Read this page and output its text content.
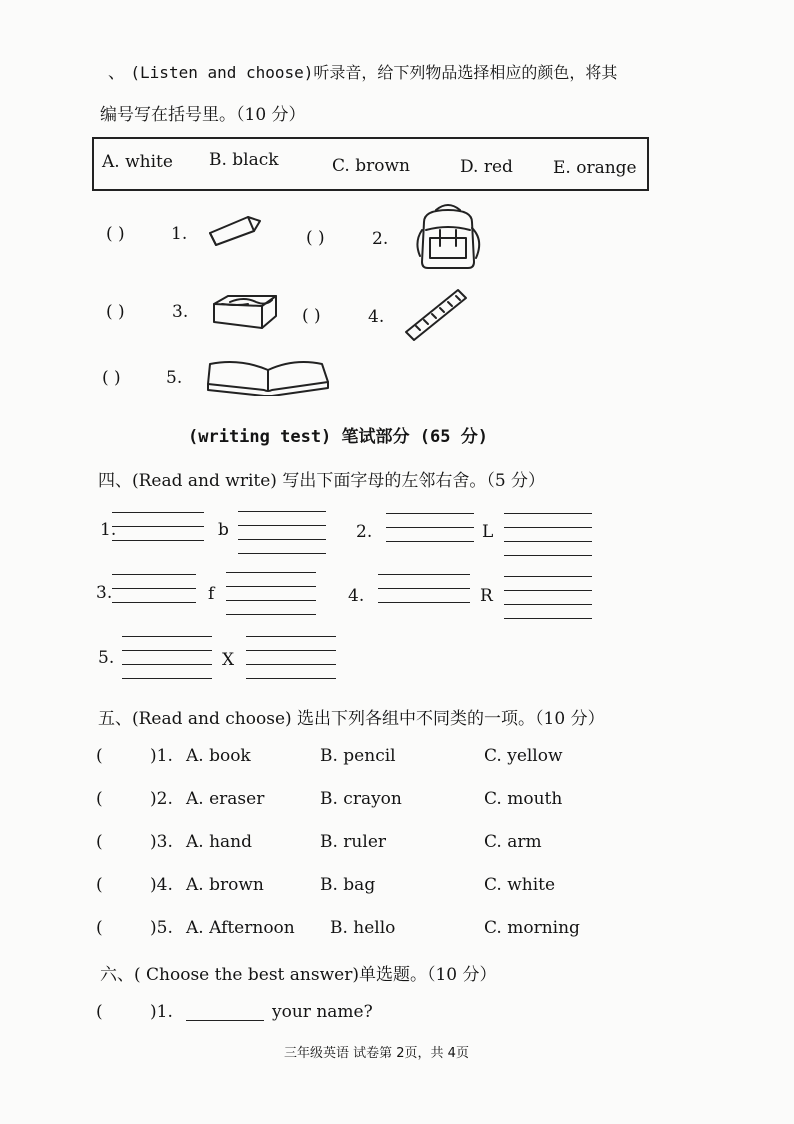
、 (Listen and choose)听录音，给下列物品选择相应的颜色，将其
编号写在括号里。（10 分）
A. white B. black	C. brown	D. red E. orange
( )	1.	( )	2.
( )	3.	( )	4.
( )	5.
(writing test) 笔试部分 (65 分)
四、(Read and write) 写出下面字母的左邻右舍。（5 分）
1.	b	2.	L
3.	f	4.	R
5.	X
五、(Read and choose) 选出下列各组中不同类的一项。（10 分）
(	)1. A. book	B. pencil	C. yellow
(	)2. A. eraser	B. crayon	C. mouth
(	)3. A. hand	B. ruler	C. arm
(	)4. A. brown	B. bag	C. white
(	)5. A. Afternoon B. hello	C. morning
六、( Choose the best answer)单选题。（10 分）
(	)1.	your name?
三年级英语 试卷第 2页，共 4页
